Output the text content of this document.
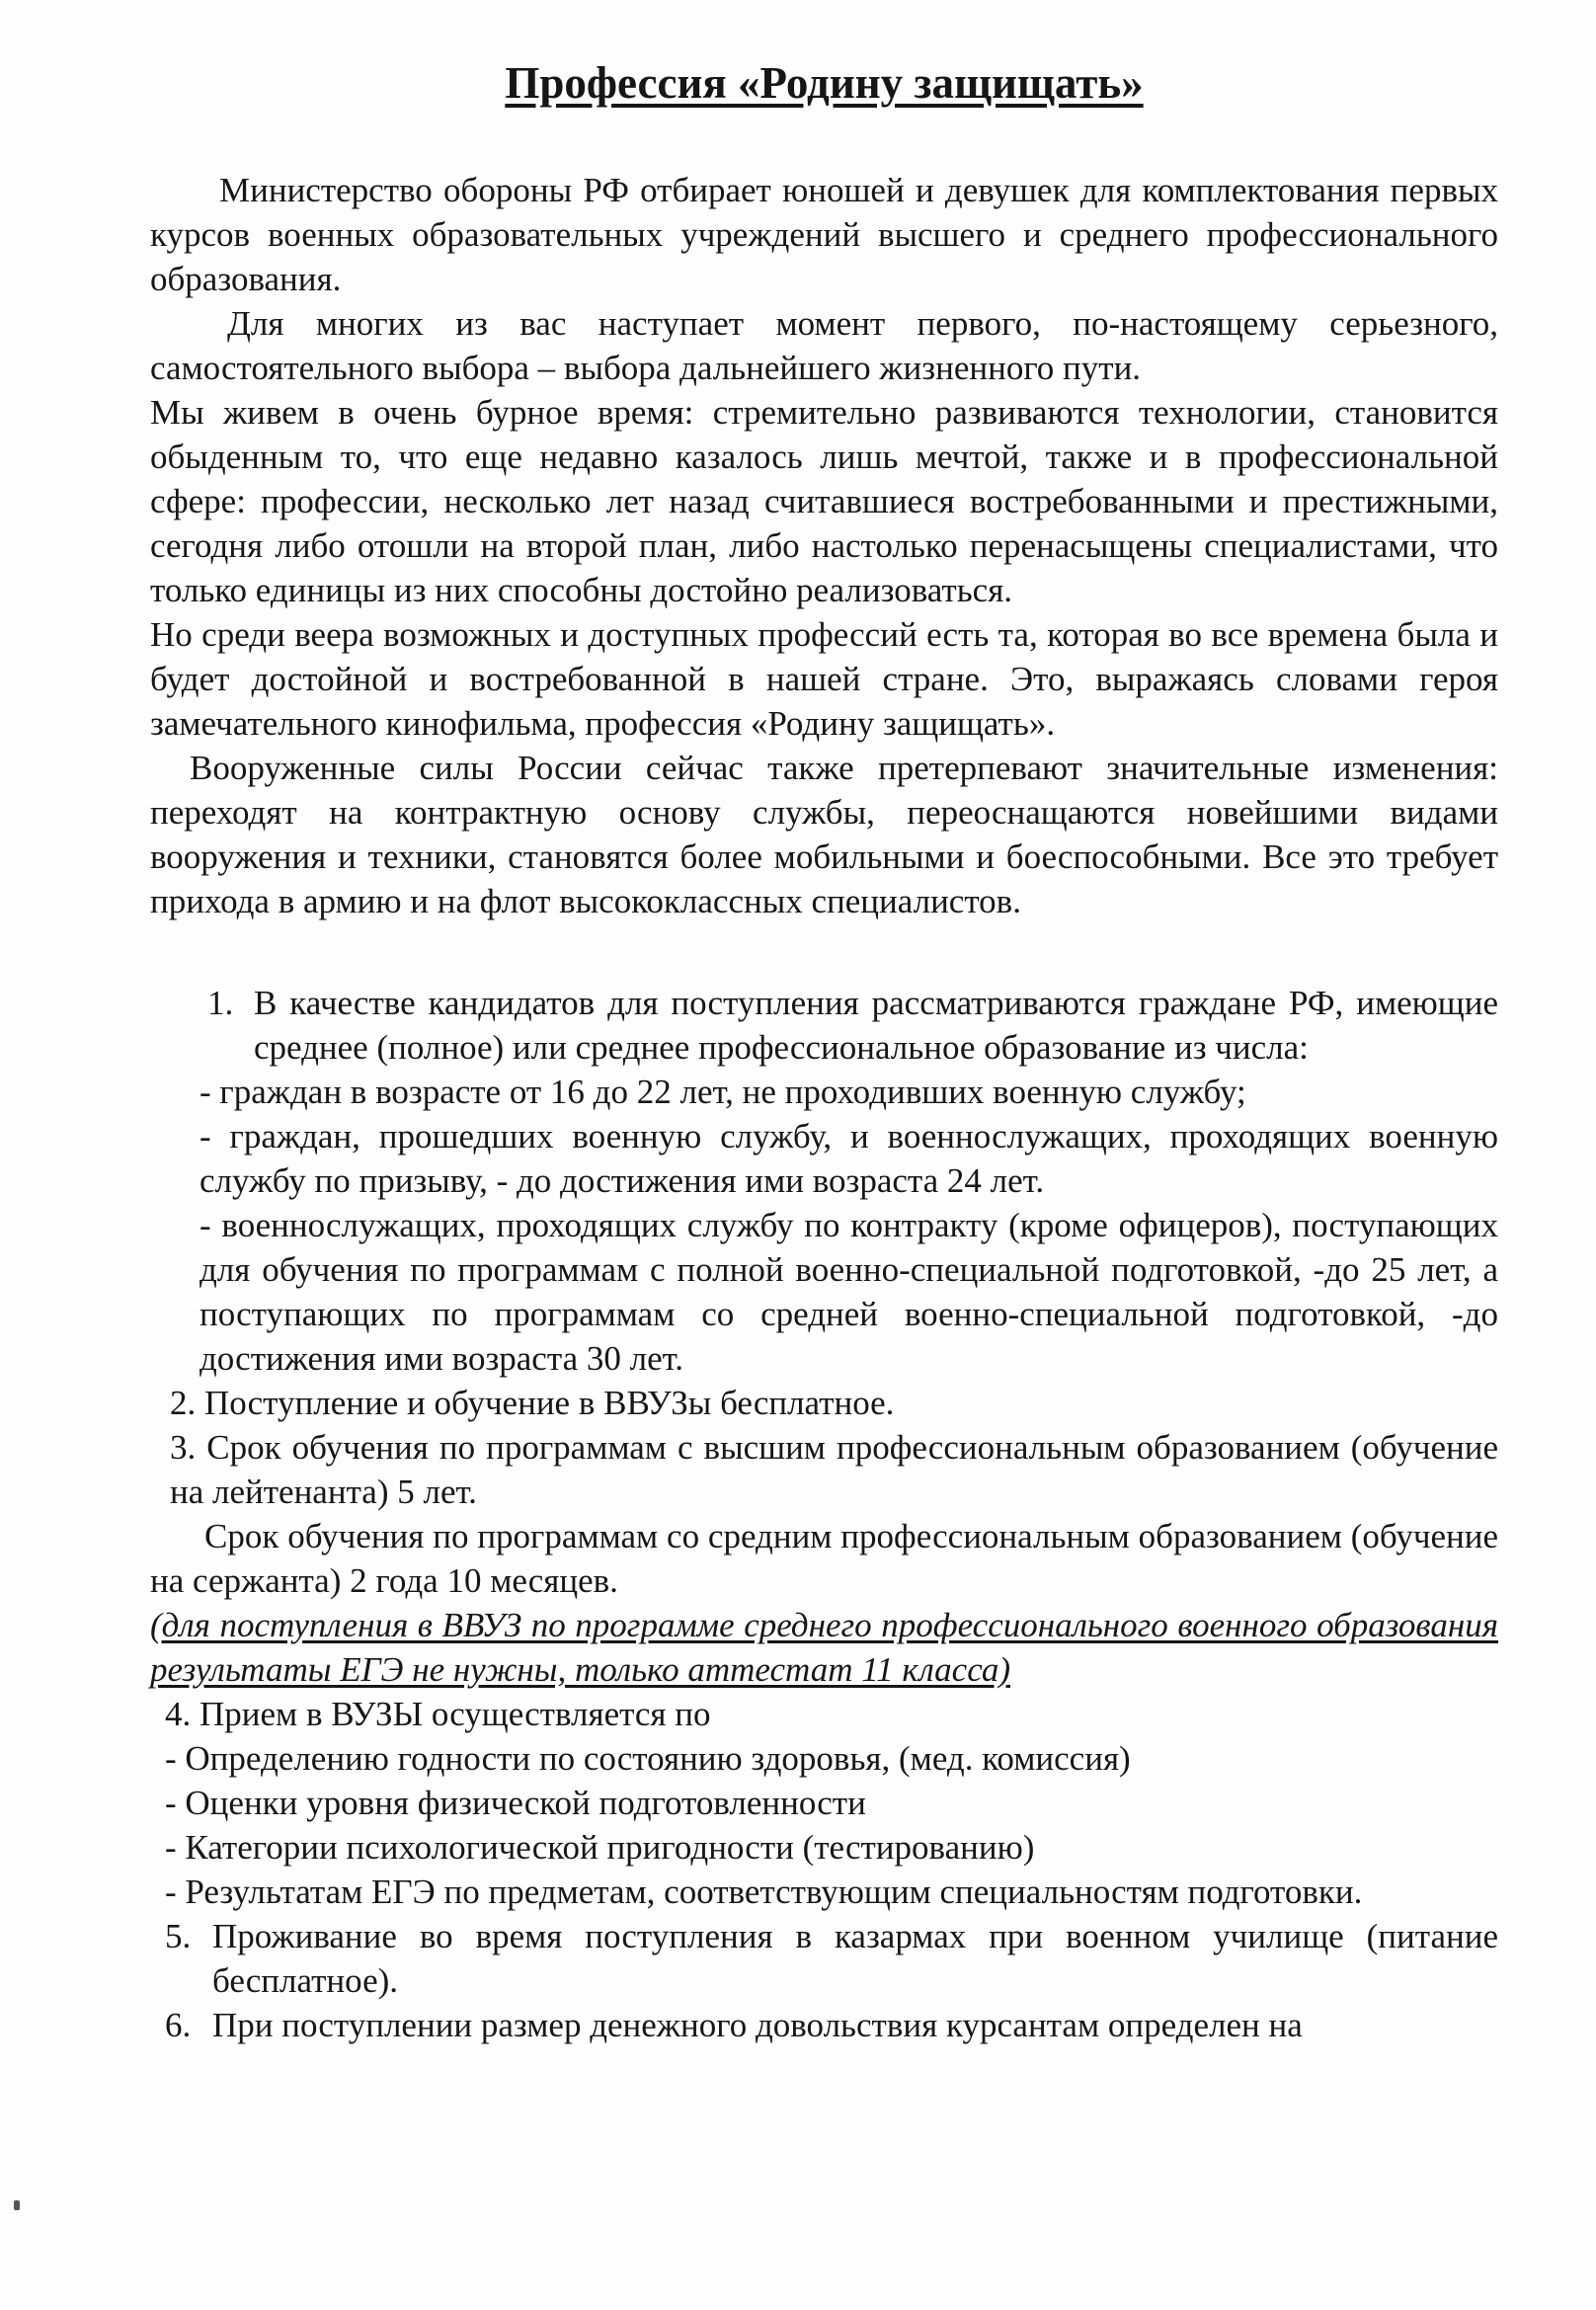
Профессия «Родину защищать»

Министерство обороны РФ отбирает юношей и девушек для комплектования первых курсов военных образовательных учреждений высшего и среднего профессионального образования.

Для многих из вас наступает момент первого, по-настоящему серьезного, самостоятельного выбора – выбора дальнейшего жизненного пути.

Мы живем в очень бурное время: стремительно развиваются технологии, становится обыденным то, что еще недавно казалось лишь мечтой, также и в профессиональной сфере: профессии, несколько лет назад считавшиеся востребованными и престижными, сегодня либо отошли на второй план, либо настолько перенасыщены специалистами, что только единицы из них способны достойно реализоваться.

Но среди веера возможных и доступных профессий есть та, которая во все времена была и будет достойной и востребованной в нашей стране. Это, выражаясь словами героя замечательного кинофильма, профессия «Родину защищать».

Вооруженные силы России сейчас также претерпевают значительные изменения: переходят на контрактную основу службы, переоснащаются новейшими видами вооружения и техники, становятся более мобильными и боеспособными. Все это требует прихода в армию и на флот высококлассных специалистов.

1. В качестве кандидатов для поступления рассматриваются граждане РФ, имеющие среднее (полное) или среднее профессиональное образование из числа:

- граждан в возрасте от 16 до 22 лет, не проходивших военную службу;

- граждан, прошедших военную службу, и военнослужащих, проходящих военную службу по призыву, - до достижения ими возраста 24 лет.

- военнослужащих, проходящих службу по контракту (кроме офицеров), поступающих для обучения по программам с полной военно-специальной подготовкой, -до 25 лет, а поступающих по программам со средней военно-специальной подготовкой, -до достижения ими возраста 30 лет.

2. Поступление и обучение в ВВУЗы бесплатное.

3. Срок обучения по программам с высшим профессиональным образованием (обучение на лейтенанта) 5 лет.

Срок обучения по программам со средним профессиональным образованием (обучение на сержанта) 2 года 10 месяцев.

(для поступления в ВВУЗ по программе среднего профессионального военного образования результаты ЕГЭ не нужны, только аттестат 11 класса)

4. Прием в ВУЗЫ осуществляется по

- Определению годности по состоянию здоровья, (мед. комиссия)

- Оценки уровня физической подготовленности

- Категории психологической пригодности (тестированию)

- Результатам ЕГЭ по предметам, соответствующим специальностям подготовки.

5. Проживание во время поступления в казармах при военном училище (питание бесплатное).
6. При поступлении размер денежного довольствия курсантам определен на
